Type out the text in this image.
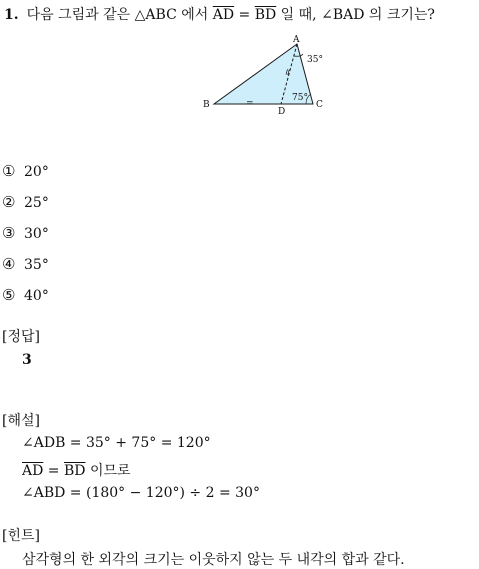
1. 다음 그림과 같은 △ABC 에서 $\overline{AD} = \overline{BD}$ 일 때, ∠BAD 의 크기는?
A
B	C
D
35°
75°
=
=
① 20°
② 25°
③ 30°
④ 35°
⑤ 40°
[정답]
3
[해설]
∠ADB = 35° + 75° = 120°
$\overline{AD} = \overline{BD}$ 이므로
∠ABD = (180° − 120°) ÷ 2 = 30°
[힌트]
삼각형의 한 외각의 크기는 이웃하지 않는 두 내각의 합과 같다.
